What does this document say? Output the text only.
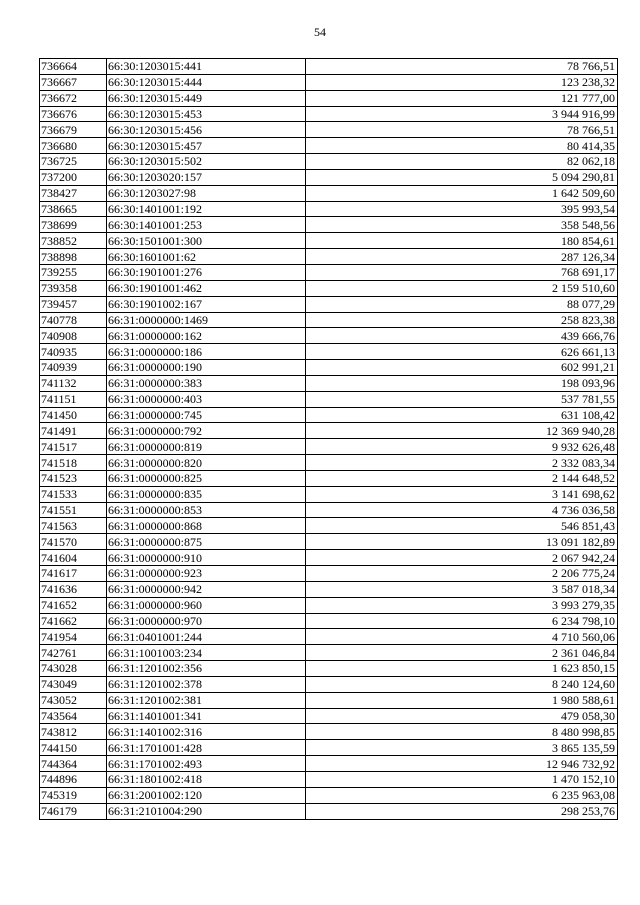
54
736664	66:30:1203015:441	78 766,51
736667	66:30:1203015:444	123 238,32
736672	66:30:1203015:449	121 777,00
736676	66:30:1203015:453	3 944 916,99
736679	66:30:1203015:456	78 766,51
736680	66:30:1203015:457	80 414,35
736725	66:30:1203015:502	82 062,18
737200	66:30:1203020:157	5 094 290,81
738427	66:30:1203027:98	1 642 509,60
738665	66:30:1401001:192	395 993,54
738699	66:30:1401001:253	358 548,56
738852	66:30:1501001:300	180 854,61
738898	66:30:1601001:62	287 126,34
739255	66:30:1901001:276	768 691,17
739358	66:30:1901001:462	2 159 510,60
739457	66:30:1901002:167	88 077,29
740778	66:31:0000000:1469	258 823,38
740908	66:31:0000000:162	439 666,76
740935	66:31:0000000:186	626 661,13
740939	66:31:0000000:190	602 991,21
741132	66:31:0000000:383	198 093,96
741151	66:31:0000000:403	537 781,55
741450	66:31:0000000:745	631 108,42
741491	66:31:0000000:792	12 369 940,28
741517	66:31:0000000:819	9 932 626,48
741518	66:31:0000000:820	2 332 083,34
741523	66:31:0000000:825	2 144 648,52
741533	66:31:0000000:835	3 141 698,62
741551	66:31:0000000:853	4 736 036,58
741563	66:31:0000000:868	546 851,43
741570	66:31:0000000:875	13 091 182,89
741604	66:31:0000000:910	2 067 942,24
741617	66:31:0000000:923	2 206 775,24
741636	66:31:0000000:942	3 587 018,34
741652	66:31:0000000:960	3 993 279,35
741662	66:31:0000000:970	6 234 798,10
741954	66:31:0401001:244	4 710 560,06
742761	66:31:1001003:234	2 361 046,84
743028	66:31:1201002:356	1 623 850,15
743049	66:31:1201002:378	8 240 124,60
743052	66:31:1201002:381	1 980 588,61
743564	66:31:1401001:341	479 058,30
743812	66:31:1401002:316	8 480 998,85
744150	66:31:1701001:428	3 865 135,59
744364	66:31:1701002:493	12 946 732,92
744896	66:31:1801002:418	1 470 152,10
745319	66:31:2001002:120	6 235 963,08
746179	66:31:2101004:290	298 253,76
